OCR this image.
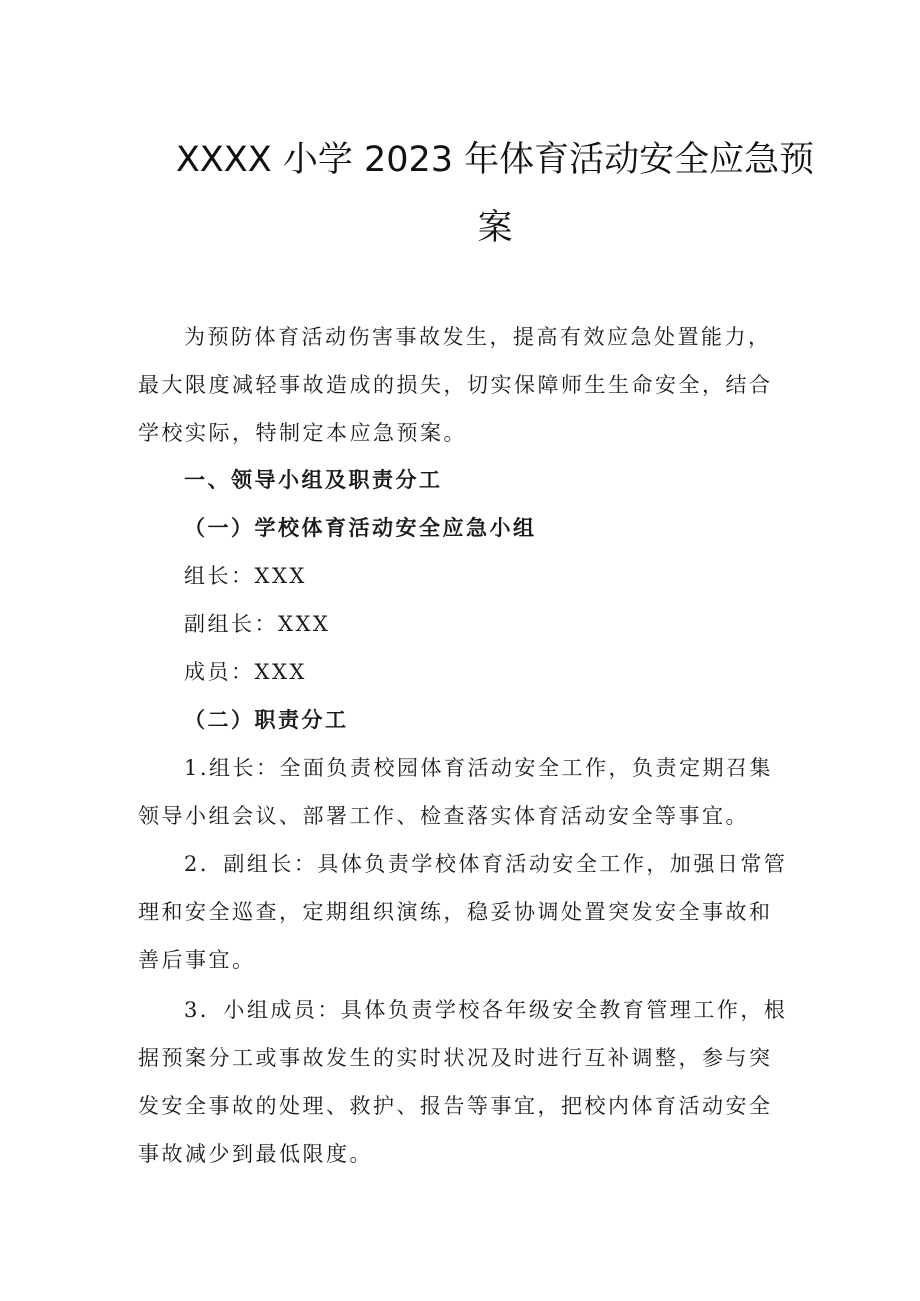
XXXX 小学 2023 年体育活动安全应急预
案

为预防体育活动伤害事故发生，提高有效应急处置能力，最大限度减轻事故造成的损失，切实保障师生生命安全，结合学校实际，特制定本应急预案。

一、领导小组及职责分工

（一）学校体育活动安全应急小组

组长：XXX

副组长：XXX

成员：XXX

（二）职责分工

1.组长：全面负责校园体育活动安全工作，负责定期召集领导小组会议、部署工作、检查落实体育活动安全等事宜。

2．副组长：具体负责学校体育活动安全工作，加强日常管理和安全巡查，定期组织演练，稳妥协调处置突发安全事故和善后事宜。

3．小组成员：具体负责学校各年级安全教育管理工作，根据预案分工或事故发生的实时状况及时进行互补调整，参与突发安全事故的处理、救护、报告等事宜，把校内体育活动安全事故减少到最低限度。
